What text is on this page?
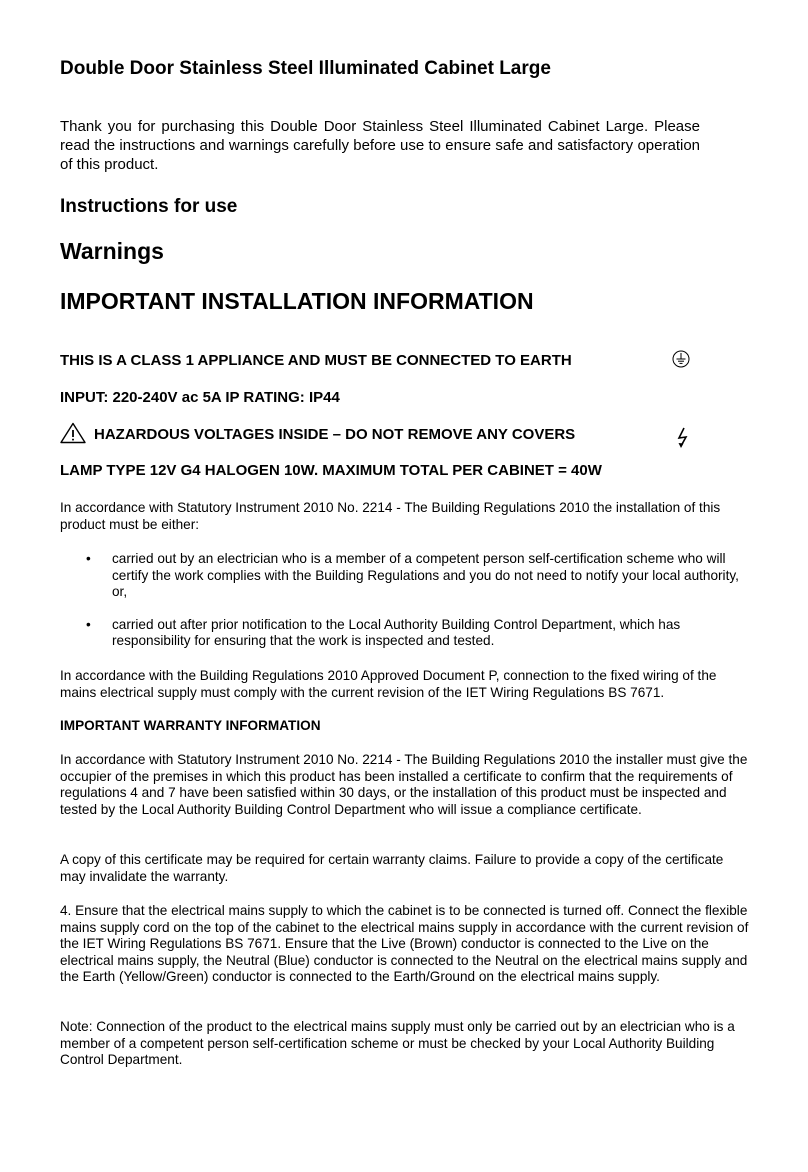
Double Door Stainless Steel Illuminated Cabinet Large

Thank you for purchasing this Double Door Stainless Steel Illuminated Cabinet Large. Please read the instructions and warnings carefully before use to ensure safe and satisfactory operation of this product.

Instructions for use
Warnings
IMPORTANT INSTALLATION INFORMATION

THIS IS A CLASS 1 APPLIANCE AND MUST BE CONNECTED TO EARTH

INPUT: 220-240V ac 5A IP RATING: IP44

HAZARDOUS VOLTAGES INSIDE – DO NOT REMOVE ANY COVERS

LAMP TYPE 12V G4 HALOGEN 10W. MAXIMUM TOTAL PER CABINET = 40W

In accordance with Statutory Instrument 2010 No. 2214 - The Building Regulations 2010 the installation of this product must be either:

• carried out by an electrician who is a member of a competent person self-certification scheme who will certify the work complies with the Building Regulations and you do not need to notify your local authority, or,
• carried out after prior notification to the Local Authority Building Control Department, which has responsibility for ensuring that the work is inspected and tested.

In accordance with the Building Regulations 2010 Approved Document P, connection to the fixed wiring of the mains electrical supply must comply with the current revision of the IET Wiring Regulations BS 7671.

IMPORTANT WARRANTY INFORMATION

In accordance with Statutory Instrument 2010 No. 2214 - The Building Regulations 2010 the installer must give the occupier of the premises in which this product has been installed a certificate to confirm that the requirements of regulations 4 and 7 have been satisfied within 30 days, or the installation of this product must be inspected and tested by the Local Authority Building Control Department who will issue a compliance certificate.

A copy of this certificate may be required for certain warranty claims. Failure to provide a copy of the certificate may invalidate the warranty.

4. Ensure that the electrical mains supply to which the cabinet is to be connected is turned off. Connect the flexible mains supply cord on the top of the cabinet to the electrical mains supply in accordance with the current revision of the IET Wiring Regulations BS 7671. Ensure that the Live (Brown) conductor is connected to the Live on the electrical mains supply, the Neutral (Blue) conductor is connected to the Neutral on the electrical mains supply and the Earth (Yellow/Green) conductor is connected to the Earth/Ground on the electrical mains supply.

Note: Connection of the product to the electrical mains supply must only be carried out by an electrician who is a member of a competent person self-certification scheme or must be checked by your Local Authority Building Control Department.
